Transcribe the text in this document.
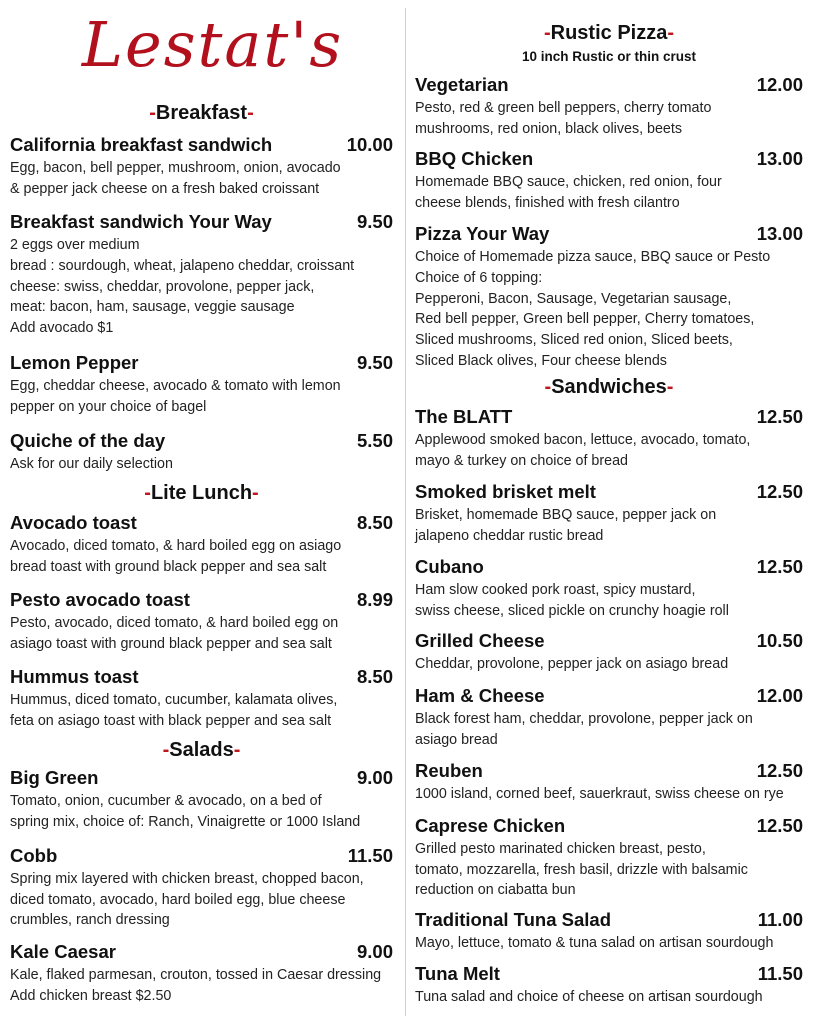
Lestat's
-Breakfast-
California breakfast sandwich	10.00
Egg, bacon, bell pepper, mushroom, onion, avocado
& pepper jack cheese on a fresh baked croissant
Breakfast sandwich Your Way	9.50
2 eggs over medium
bread : sourdough, wheat, jalapeno cheddar, croissant
cheese: swiss, cheddar, provolone, pepper jack,
meat: bacon, ham, sausage, veggie sausage
Add avocado $1
Lemon Pepper	9.50
Egg, cheddar cheese, avocado & tomato with lemon
pepper on your choice of bagel
Quiche of the day	5.50
Ask for our daily selection
-Lite Lunch-
Avocado toast	8.50
Avocado, diced tomato, & hard boiled egg on asiago
bread toast with ground black pepper and sea salt
Pesto avocado toast	8.99
Pesto, avocado, diced tomato, & hard boiled egg on
asiago toast with ground black pepper and sea salt
Hummus toast	8.50
Hummus, diced tomato, cucumber, kalamata olives,
feta on asiago toast with black pepper and sea salt
-Salads-
Big Green	9.00
Tomato, onion, cucumber & avocado, on a bed of
spring mix, choice of: Ranch, Vinaigrette or 1000 Island
Cobb	11.50
Spring mix layered with chicken breast, chopped bacon,
diced tomato, avocado, hard boiled egg, blue cheese
crumbles, ranch dressing
Kale Caesar	9.00
Kale, flaked parmesan, crouton, tossed in Caesar dressing
Add chicken breast $2.50
-Rustic Pizza-
10 inch Rustic or thin crust
Vegetarian	12.00
Pesto, red & green bell peppers, cherry tomato
mushrooms, red onion, black olives, beets
BBQ Chicken	13.00
Homemade BBQ sauce, chicken, red onion, four
cheese blends, finished with fresh cilantro
Pizza Your Way	13.00
Choice of Homemade pizza sauce, BBQ sauce or Pesto
Choice of 6 topping:
Pepperoni, Bacon, Sausage, Vegetarian sausage,
Red bell pepper, Green bell pepper, Cherry tomatoes,
Sliced mushrooms, Sliced red onion, Sliced beets,
Sliced Black olives, Four cheese blends
-Sandwiches-
The BLATT	12.50
Applewood smoked bacon, lettuce, avocado, tomato,
mayo & turkey on choice of bread
Smoked brisket melt	12.50
Brisket, homemade BBQ sauce, pepper jack on
jalapeno cheddar rustic bread
Cubano	12.50
Ham slow cooked pork roast, spicy mustard,
swiss cheese, sliced pickle on crunchy hoagie roll
Grilled Cheese	10.50
Cheddar, provolone, pepper jack on asiago bread
Ham & Cheese	12.00
Black forest ham, cheddar, provolone, pepper jack on
asiago bread
Reuben	12.50
1000 island, corned beef, sauerkraut, swiss cheese on rye
Caprese Chicken	12.50
Grilled pesto marinated chicken breast, pesto,
tomato, mozzarella, fresh basil, drizzle with balsamic
reduction on ciabatta bun
Traditional Tuna Salad	11.00
Mayo, lettuce, tomato & tuna salad on artisan sourdough
Tuna Melt	11.50
Tuna salad and choice of cheese on artisan sourdough
